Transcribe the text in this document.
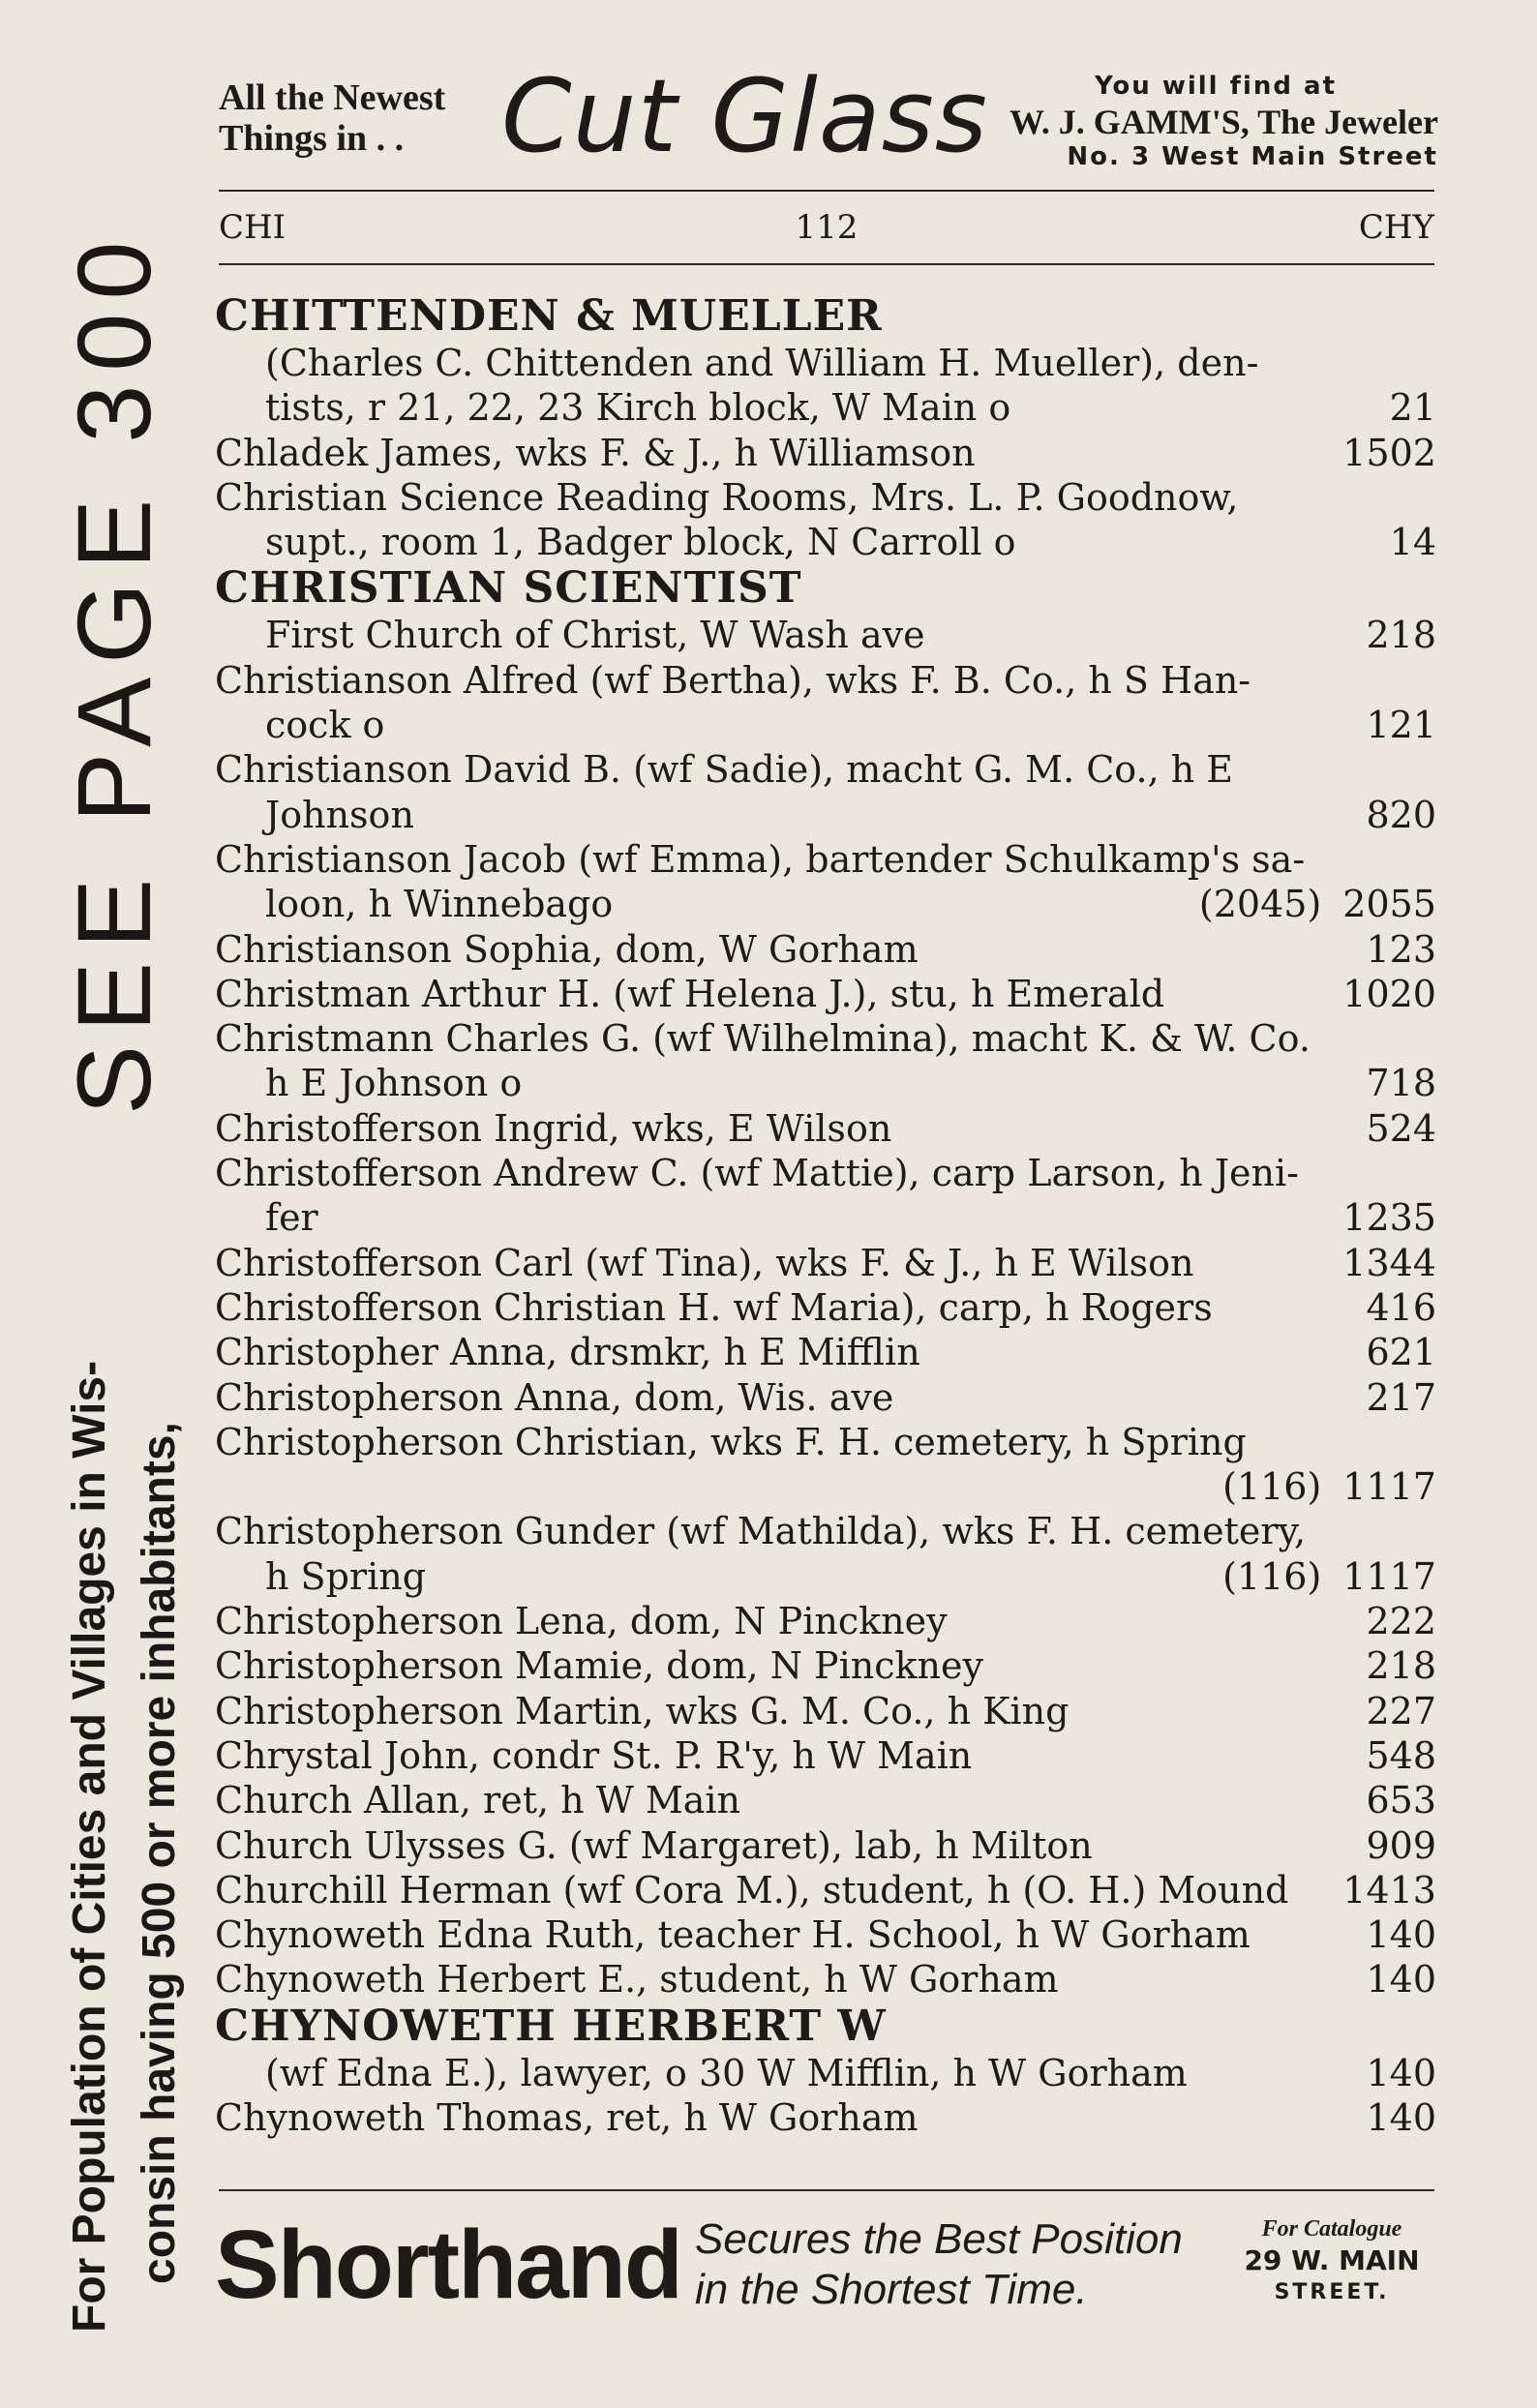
For Population of Cities and Villages in Wis- consin having 500 or more inhabitants,
SEE PAGE 300
All the Newest
Things in . . Cut Glass	You will find at
W. J. GAMM'S, The Jeweler
No. 3 West Main Street
112
CHI	CHY
CHITTENDEN & MUELLER
(Charles C. Chittenden and William H. Mueller), den-
tists, r 21, 22, 23 Kirch block, W Main o	21
Chladek James, wks F. & J., h Williamson	1502
Christian Science Reading Rooms, Mrs. L. P. Goodnow,
supt., room 1, Badger block, N Carroll o	14
CHRISTIAN SCIENTIST
First Church of Christ, W Wash ave	218
Christianson Alfred (wf Bertha), wks F. B. Co., h S Han-
cock o	121
Christianson David B. (wf Sadie), macht G. M. Co., h E
Johnson	820
Christianson Jacob (wf Emma), bartender Schulkamp's sa-
loon, h Winnebago	(2045) 2055
Christianson Sophia, dom, W Gorham	123
Christman Arthur H. (wf Helena J.), stu, h Emerald	1020
Christmann Charles G. (wf Wilhelmina), macht K. & W. Co.
h E Johnson o	718
Christofferson Ingrid, wks, E Wilson	524
Christofferson Andrew C. (wf Mattie), carp Larson, h Jeni-
fer	1235
Christofferson Carl (wf Tina), wks F. & J., h E Wilson	1344
Christofferson Christian H. wf Maria), carp, h Rogers	416
Christopher Anna, drsmkr, h E Mifflin	621
Christopherson Anna, dom, Wis. ave	217
Christopherson Christian, wks F. H. cemetery, h Spring
(116) 1117
Christopherson Gunder (wf Mathilda), wks F. H. cemetery,
h Spring	(116) 1117
Christopherson Lena, dom, N Pinckney	222
Christopherson Mamie, dom, N Pinckney	218
Christopherson Martin, wks G. M. Co., h King	227
Chrystal John, condr St. P. R'y, h W Main	548
Church Allan, ret, h W Main	653
Church Ulysses G. (wf Margaret), lab, h Milton	909
Churchill Herman (wf Cora M.), student, h (O. H.) Mound 1413
Chynoweth Edna Ruth, teacher H. School, h W Gorham	140
Chynoweth Herbert E., student, h W Gorham	140
CHYNOWETH HERBERT W
(wf Edna E.), lawyer, o 30 W Mifflin, h W Gorham	140
Chynoweth Thomas, ret, h W Gorham	140
Shorthand Secures the Best Position
in the Shortest Time.
For Catalogue
29 W. MAIN
STREET.
